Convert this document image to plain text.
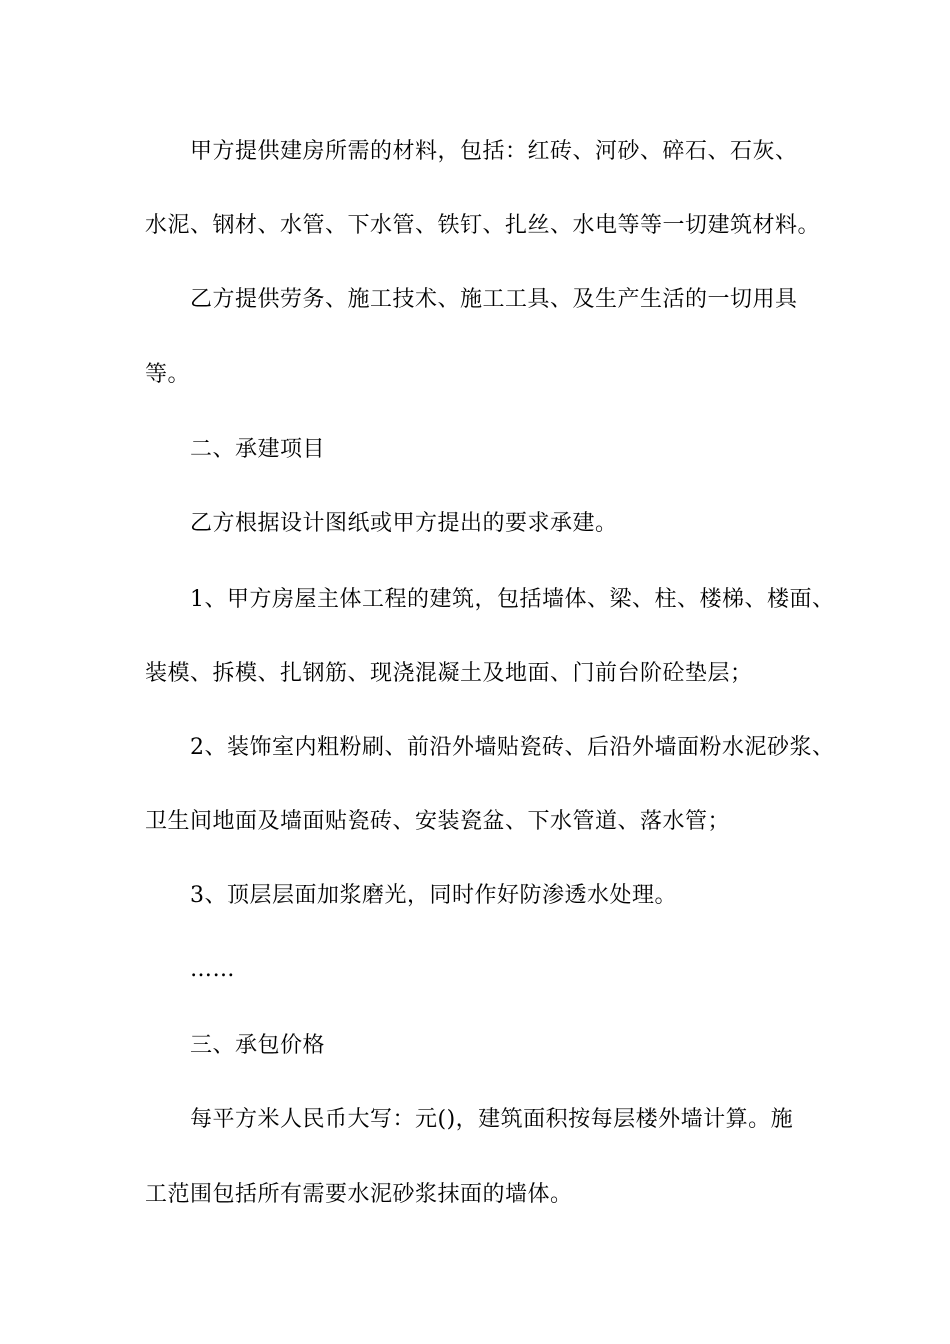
甲方提供建房所需的材料，包括：红砖、河砂、碎石、石灰、
水泥、钢材、水管、下水管、铁钉、扎丝、水电等等一切建筑材料。
乙方提供劳务、施工技术、施工工具、及生产生活的一切用具
等。
二、承建项目
乙方根据设计图纸或甲方提出的要求承建。
1、甲方房屋主体工程的建筑，包括墙体、梁、柱、楼梯、楼面、
装模、拆模、扎钢筋、现浇混凝土及地面、门前台阶砼垫层；
2、装饰室内粗粉刷、前沿外墙贴瓷砖、后沿外墙面粉水泥砂浆、
卫生间地面及墙面贴瓷砖、安装瓷盆、下水管道、落水管；
3、顶层层面加浆磨光，同时作好防渗透水处理。
……
三、承包价格
每平方米人民币大写：元()，建筑面积按每层楼外墙计算。施
工范围包括所有需要水泥砂浆抹面的墙体。
